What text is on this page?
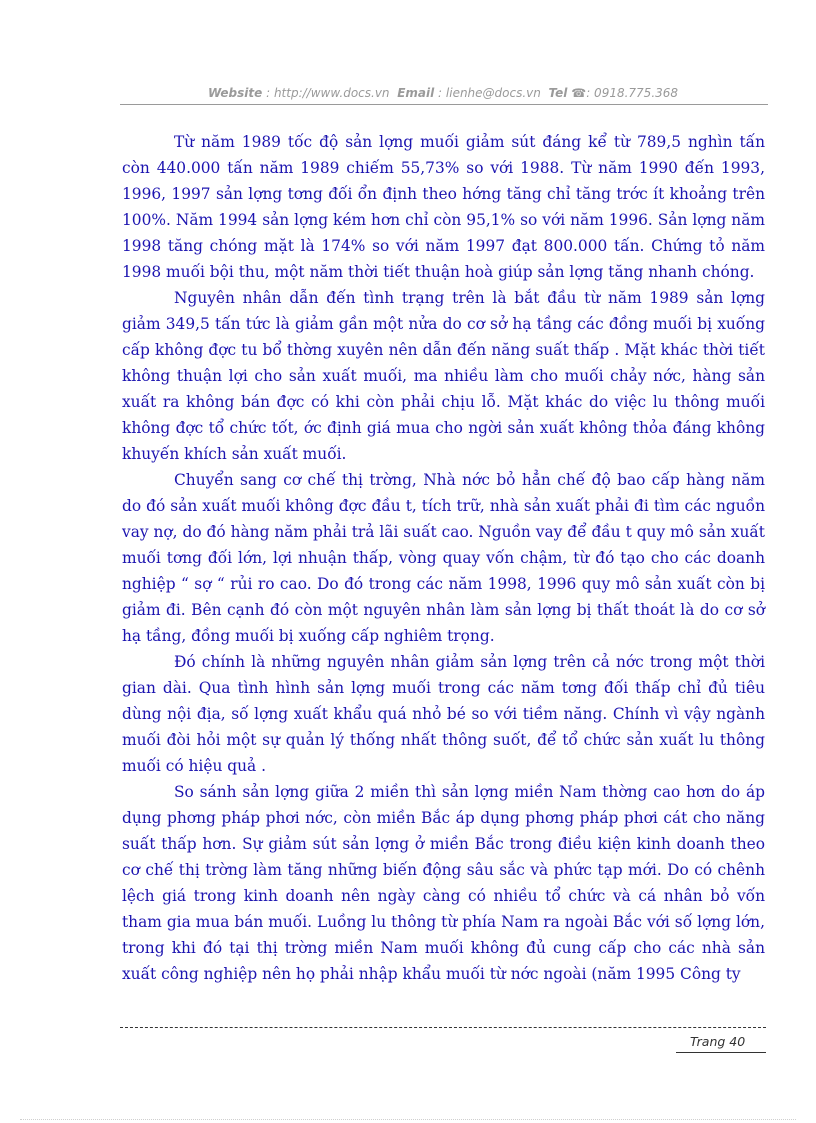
Website : http://www.docs.vn Email : lienhe@docs.vn Tel ☎: 0918.775.368

Từ năm 1989 tốc độ sản lợng muối giảm sút đáng kể từ 789,5 nghìn tấn còn 440.000 tấn năm 1989 chiếm 55,73% so với 1988. Từ năm 1990 đến 1993, 1996, 1997 sản lợng tơng đối ổn định theo hớng tăng chỉ tăng trớc ít khoảng trên 100%. Năm 1994 sản lợng kém hơn chỉ còn 95,1% so với năm 1996. Sản lợng năm 1998 tăng chóng mặt là 174% so với năm 1997 đạt 800.000 tấn. Chứng tỏ năm 1998 muối bội thu, một năm thời tiết thuận hoà giúp sản lợng tăng nhanh chóng.

Nguyên nhân dẫn đến tình trạng trên là bắt đầu từ năm 1989 sản lợng giảm 349,5 tấn tức là giảm gần một nửa do cơ sở hạ tầng các đồng muối bị xuống cấp không đợc tu bổ thờng xuyên nên dẫn đến năng suất thấp . Mặt khác thời tiết không thuận lợi cho sản xuất muối, ma nhiều làm cho muối chảy nớc, hàng sản xuất ra không bán đợc có khi còn phải chịu lỗ. Mặt khác do việc lu thông muối không đợc tổ chức tốt, ớc định giá mua cho ngời sản xuất không thỏa đáng không khuyến khích sản xuất muối.

Chuyển sang cơ chế thị trờng, Nhà nớc bỏ hẳn chế độ bao cấp hàng năm do đó sản xuất muối không đợc đầu t, tích trữ, nhà sản xuất phải đi tìm các nguồn vay nợ, do đó hàng năm phải trả lãi suất cao. Nguồn vay để đầu t quy mô sản xuất muối tơng đối lớn, lợi nhuận thấp, vòng quay vốn chậm, từ đó tạo cho các doanh nghiệp “ sợ “ rủi ro cao. Do đó trong các năm 1998, 1996 quy mô sản xuất còn bị giảm đi. Bên cạnh đó còn một nguyên nhân làm sản lợng bị thất thoát là do cơ sở hạ tầng, đồng muối bị xuống cấp nghiêm trọng.

Đó chính là những nguyên nhân giảm sản lợng trên cả nớc trong một thời gian dài. Qua tình hình sản lợng muối trong các năm tơng đối thấp chỉ đủ tiêu dùng nội địa, số lợng xuất khẩu quá nhỏ bé so với tiềm năng. Chính vì vậy ngành muối đòi hỏi một sự quản lý thống nhất thông suốt, để tổ chức sản xuất lu thông muối có hiệu quả .

So sánh sản lợng giữa 2 miền thì sản lợng miền Nam thờng cao hơn do áp dụng phơng pháp phơi nớc, còn miền Bắc áp dụng phơng pháp phơi cát cho năng suất thấp hơn. Sự giảm sút sản lợng ở miền Bắc trong điều kiện kinh doanh theo cơ chế thị trờng làm tăng những biến động sâu sắc và phức tạp mới. Do có chênh lệch giá trong kinh doanh nên ngày càng có nhiều tổ chức và cá nhân bỏ vốn tham gia mua bán muối. Luồng lu thông từ phía Nam ra ngoài Bắc với số lợng lớn, trong khi đó tại thị trờng miền Nam muối không đủ cung cấp cho các nhà sản xuất công nghiệp nên họ phải nhập khẩu muối từ nớc ngoài (năm 1995 Công ty

Trang 40
